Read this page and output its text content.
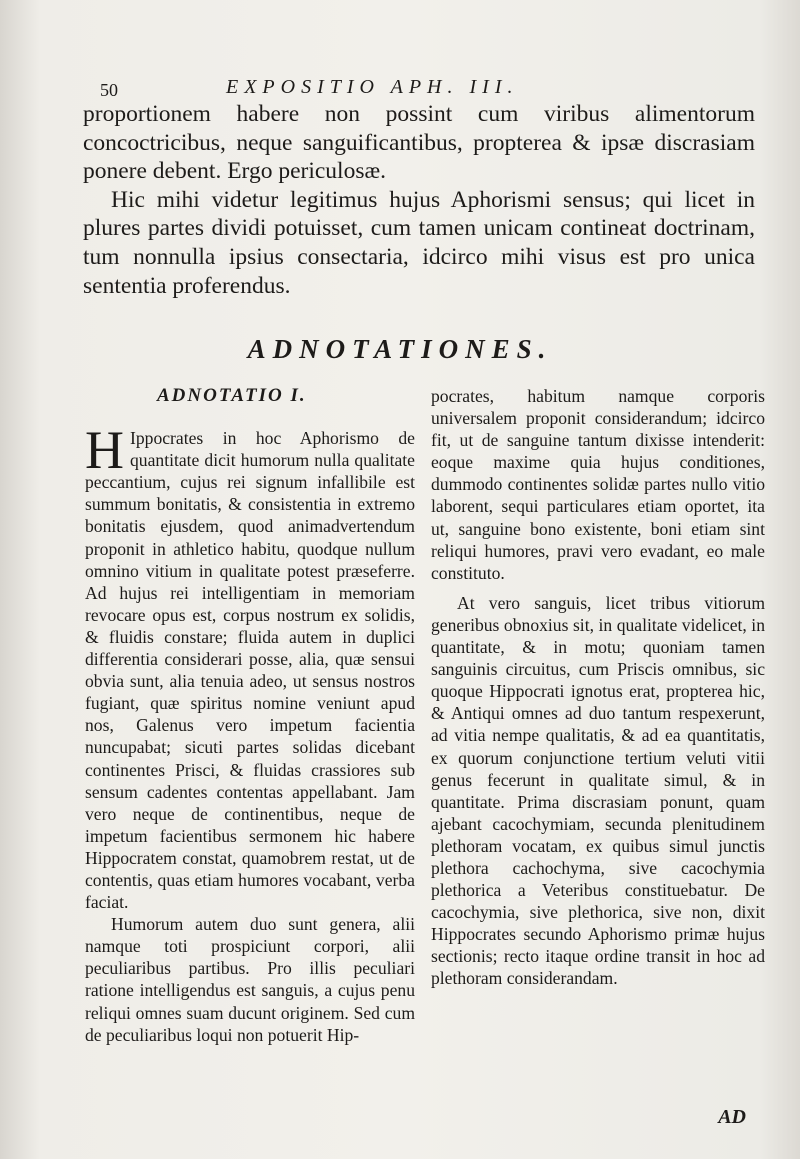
50	EXPOSITIO APH. III.

proportionem habere non possint cum viribus alimentorum concoctricibus, neque sanguificantibus, propterea & ipsæ discrasiam ponere debent. Ergo periculosæ.

Hic mihi videtur legitimus hujus Aphorismi sensus; qui licet in plures partes dividi potuisset, cum tamen unicam contineat doctrinam, tum nonnulla ipsius consectaria, idcirco mihi visus est pro unica sententia proferendus.

ADNOTATIONES.
ADNOTATIO I.

H Ippocrates in hoc Aphorismo de quantitate dicit humorum nulla qualitate peccantium, cujus rei signum infallibile est summum bonitatis, & consistentia in extremo bonitatis ejusdem, quod animadvertendum proponit in athletico habitu, quodque nullum omnino vitium in qualitate potest præseferre. Ad hujus rei intelligentiam in memoriam revocare opus est, corpus nostrum ex solidis, & fluidis constare; fluida autem in duplici differentia considerari posse, alia, quæ sensui obvia sunt, alia tenuia adeo, ut sensus nostros fugiant, quæ spiritus nomine veniunt apud nos, Galenus vero impetum facientia nuncupabat; sicuti partes solidas dicebant continentes Prisci, & fluidas crassiores sub sensum cadentes contentas appellabant. Jam vero neque de continentibus, neque de impetum facientibus sermonem hic habere Hippocratem constat, quamobrem restat, ut de contentis, quas etiam humores vocabant, verba faciat.

Humorum autem duo sunt genera, alii namque toti prospiciunt corpori, alii peculiaribus partibus. Pro illis peculiari ratione intelligendus est sanguis, a cujus penu reliqui omnes suam ducunt originem. Sed cum de peculiaribus loqui non potuerit Hip-

pocrates, habitum namque corporis universalem proponit considerandum; idcirco fit, ut de sanguine tantum dixisse intenderit: eoque maxime quia hujus conditiones, dummodo continentes solidæ partes nullo vitio laborent, sequi particulares etiam oportet, ita ut, sanguine bono existente, boni etiam sint reliqui humores, pravi vero evadant, eo male constituto.

At vero sanguis, licet tribus vitiorum generibus obnoxius sit, in qualitate videlicet, in quantitate, & in motu; quoniam tamen sanguinis circuitus, cum Priscis omnibus, sic quoque Hippocrati ignotus erat, propterea hic, & Antiqui omnes ad duo tantum respexerunt, ad vitia nempe qualitatis, & ad ea quantitatis, ex quorum conjunctione tertium veluti vitii genus fecerunt in qualitate simul, & in quantitate. Prima discrasiam ponunt, quam ajebant cacochymiam, secunda plenitudinem plethoram vocatam, ex quibus simul junctis plethora cachochyma, sive cacochymia plethorica a Veteribus constituebatur. De cacochymia, sive plethorica, sive non, dixit Hippocrates secundo Aphorismo primæ hujus sectionis; recto itaque ordine transit in hoc ad plethoram considerandam.

AD
